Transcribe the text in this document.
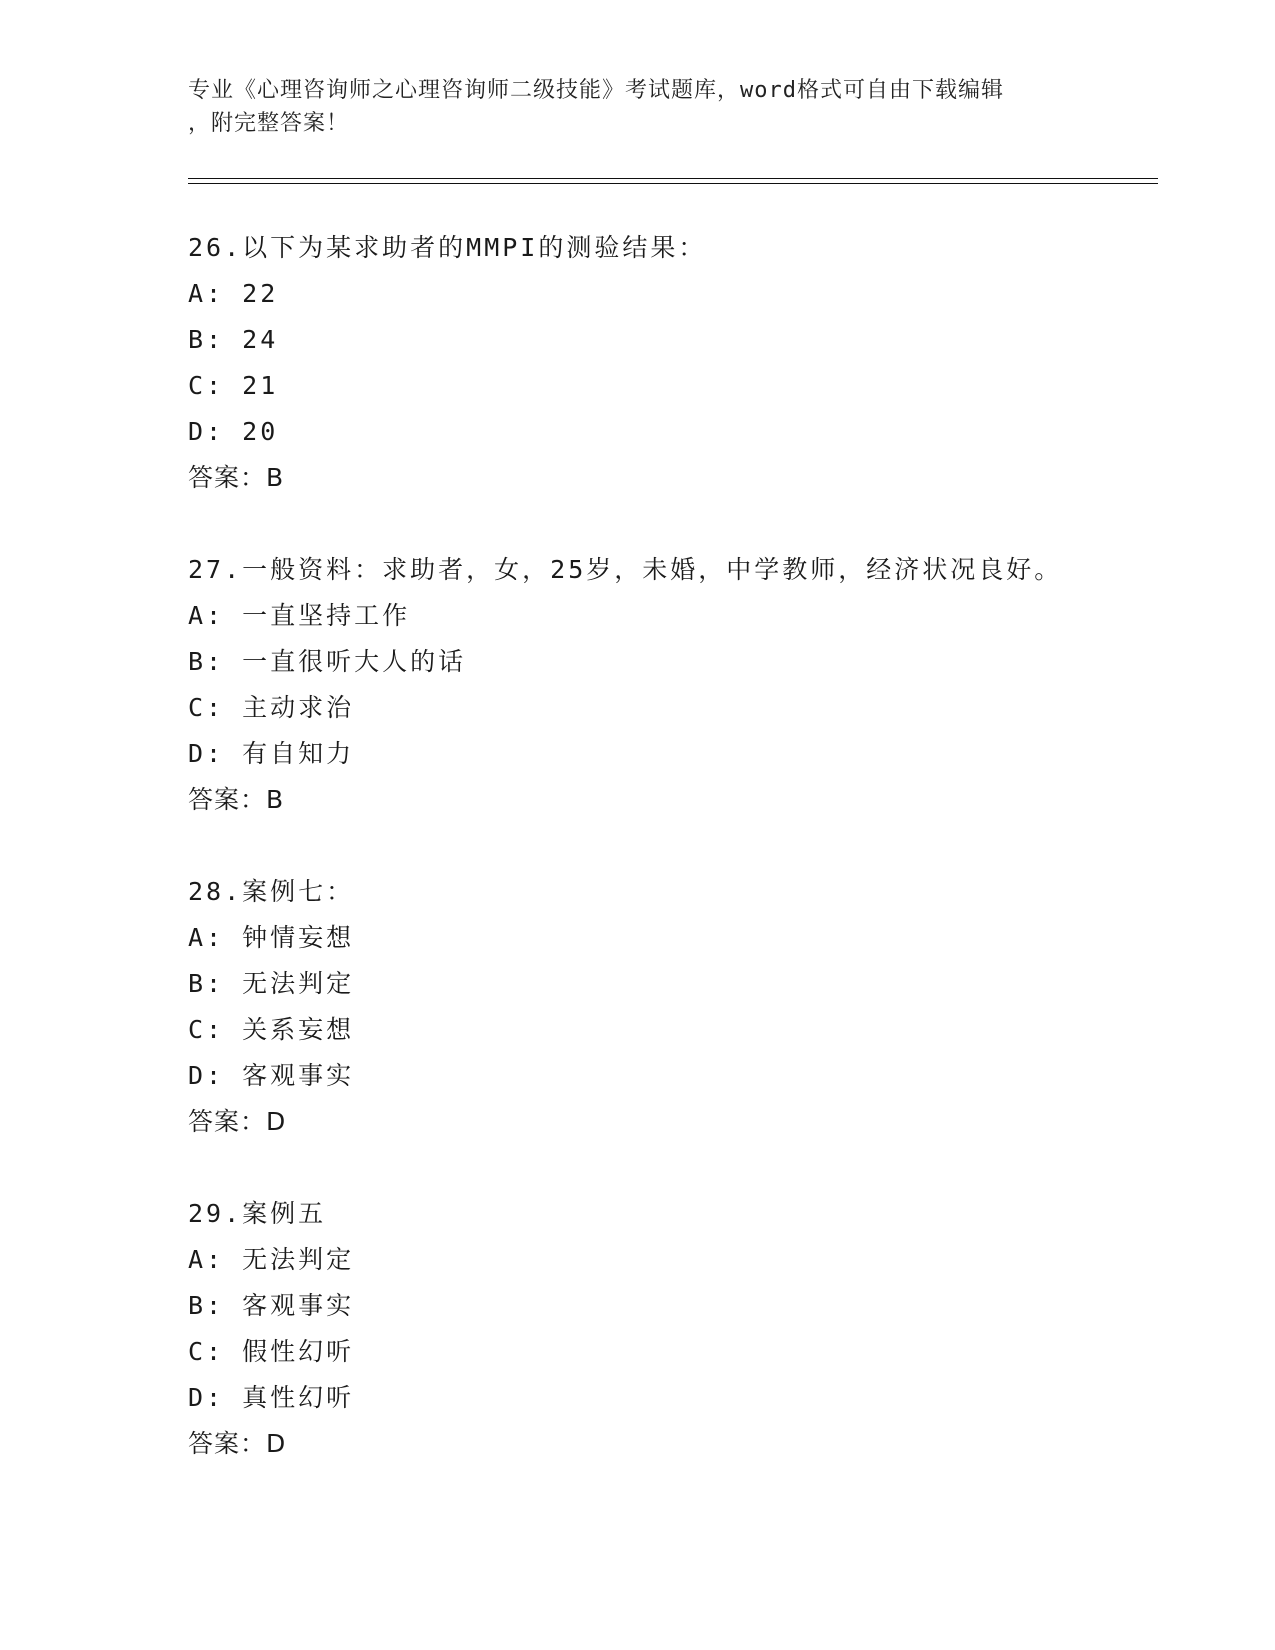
专业《心理咨询师之心理咨询师二级技能》考试题库，word格式可自由下载编辑
，附完整答案！
26.以下为某求助者的MMPI的测验结果：
A: 22
B: 24
C: 21
D: 20
答案：B
27.一般资料：求助者，女，25岁，未婚，中学教师，经济状况良好。
A: 一直坚持工作
B: 一直很听大人的话
C: 主动求治
D: 有自知力
答案：B
28.案例七：
A: 钟情妄想
B: 无法判定
C: 关系妄想
D: 客观事实
答案：D
29.案例五
A: 无法判定
B: 客观事实
C: 假性幻听
D: 真性幻听
答案：D
